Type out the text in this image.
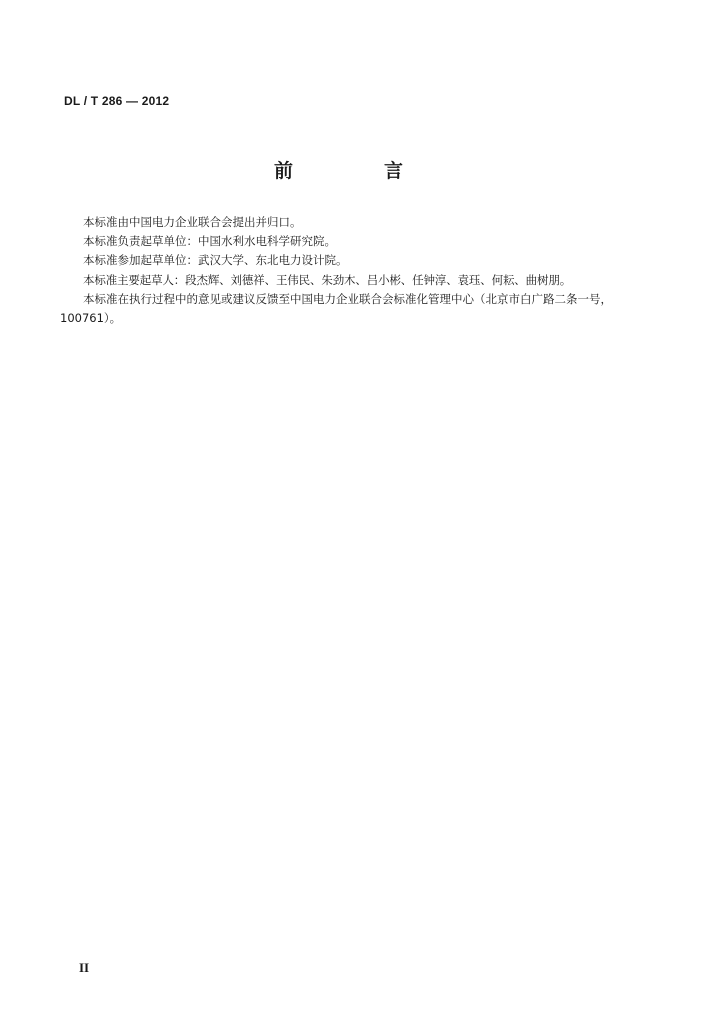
DL / T 286 — 2012
前　言

本标准由中国电力企业联合会提出并归口。

本标准负责起草单位：中国水利水电科学研究院。

本标准参加起草单位：武汉大学、东北电力设计院。

本标准主要起草人：段杰辉、刘德祥、王伟民、朱劲木、吕小彬、任钟淳、袁珏、何耘、曲树朋。

本标准在执行过程中的意见或建议反馈至中国电力企业联合会标准化管理中心（北京市白广路二条一号，100761）。

II
